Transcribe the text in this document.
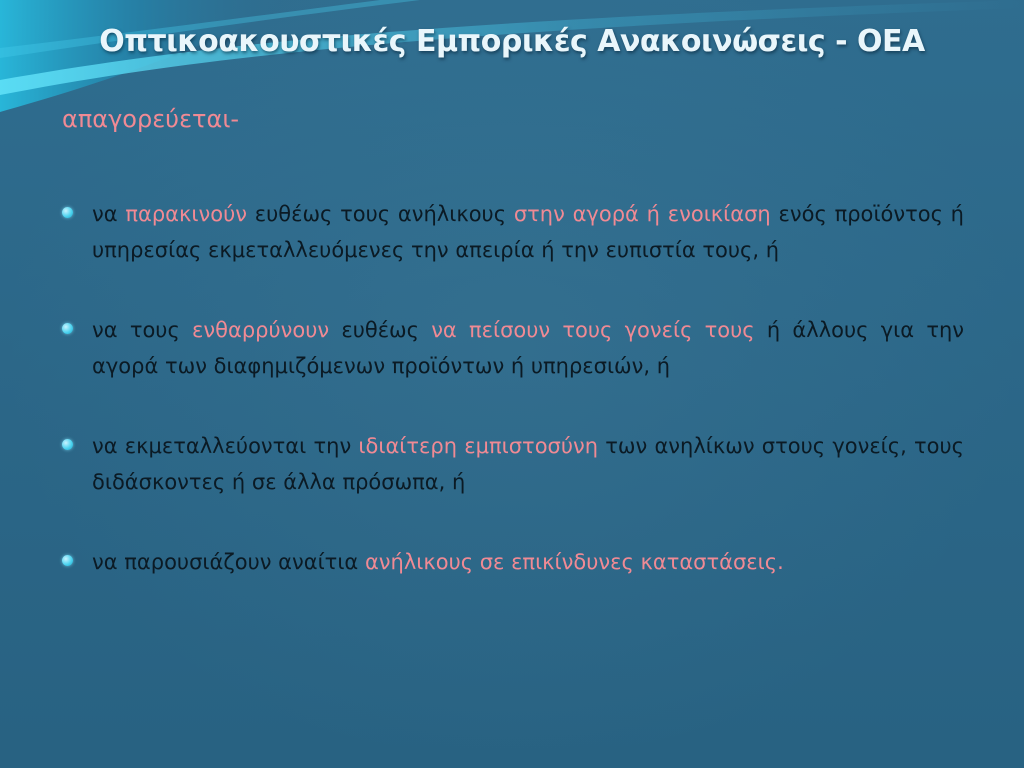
Οπτικοακουστικές Εμπορικές Ανακοινώσεις - ΟΕΑ
απαγορεύεται-
να παρακινούν ευθέως τους ανήλικους στην αγορά ή ενοικίαση ενός προϊόντος ή υπηρεσίας εκμεταλλευόμενες την απειρία ή την ευπιστία τους, ή
να τους ενθαρρύνουν ευθέως να πείσουν τους γονείς τους ή άλλους για την αγορά των διαφημιζόμενων προϊόντων ή υπηρεσιών, ή
να εκμεταλλεύονται την ιδιαίτερη εμπιστοσύνη των ανηλίκων στους γονείς, τους διδάσκοντες ή σε άλλα πρόσωπα, ή
να παρουσιάζουν αναίτια ανήλικους σε επικίνδυνες καταστάσεις.
